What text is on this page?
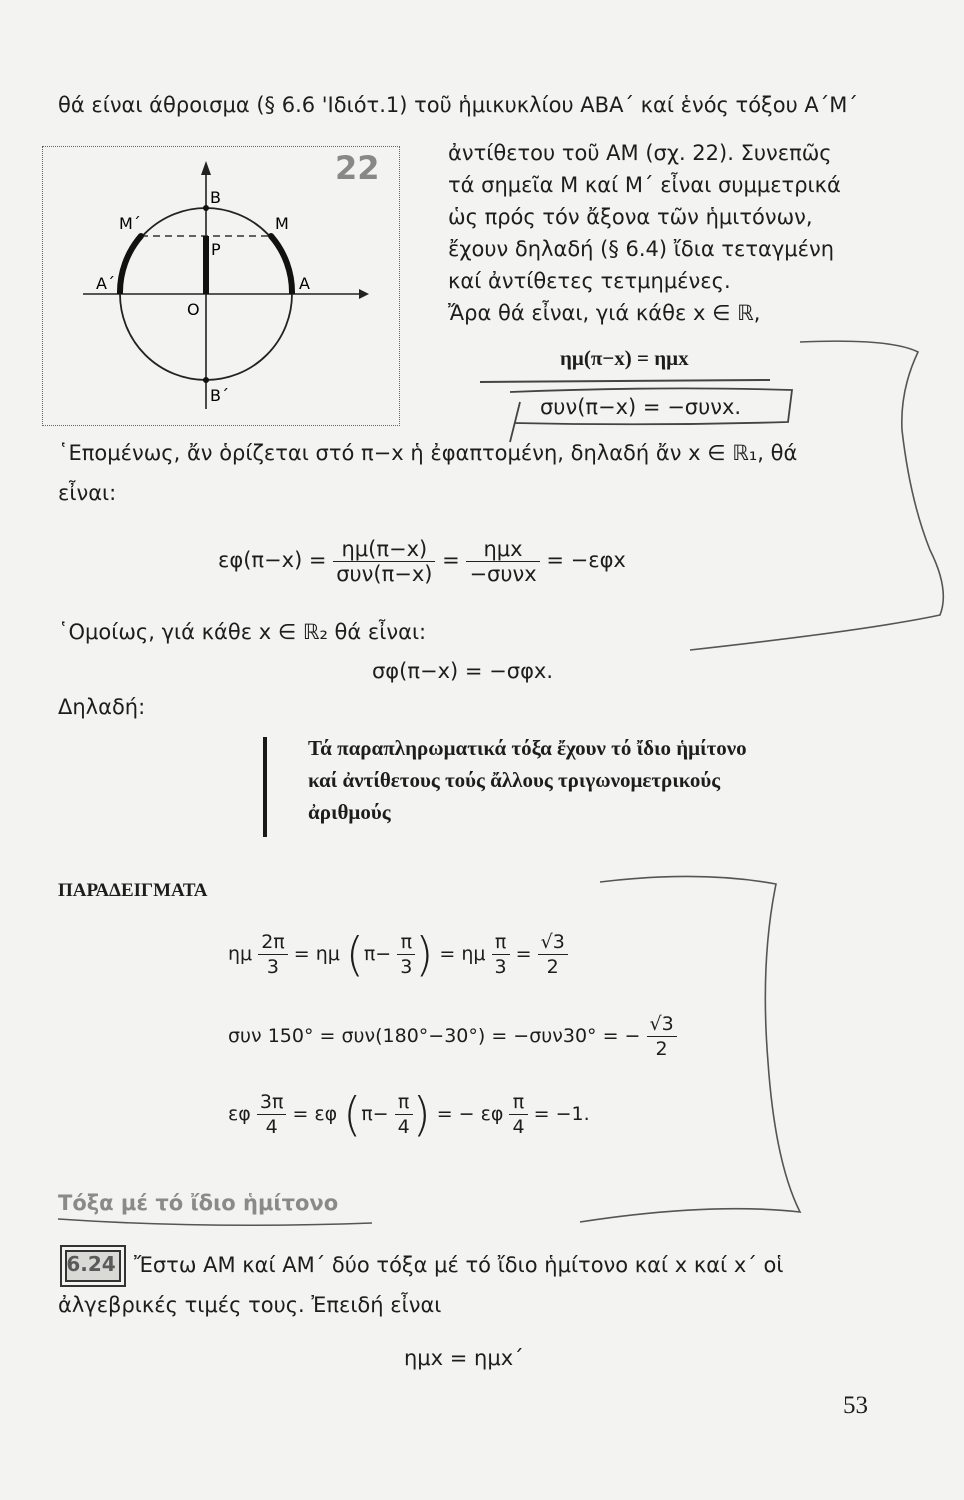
θά είναι άθροισμα (§ 6.6 'Ιδιότ.1) τοῦ ἡμικυκλίου ΑΒΑ΄ καί ἑνός τόξου Α΄Μ΄
B
B΄
M
M΄
A
A΄
P
O
22	ἀντίθετου τοῦ ΑΜ (σχ. 22). Συνεπῶς
τά σημεῖα Μ καί Μ΄ εἶναι συμμετρικά
ὡς πρός τόν ἄξονα τῶν ἡμιτόνων,
ἔχουν δηλαδή (§ 6.4) ἴδια τεταγμένη
καί ἀντίθετες τετμημένες.
Ἄρα θά εἶναι, γιά κάθε x ∈ ℝ,
ημ(π−x) = ημx
συν(π−x) = −συνx.
῾Επομένως, ἄν ὁρίζεται στό π−x ἡ ἐφαπτομένη, δηλαδή ἄν x ∈ ℝ₁, θά
εἶναι:
$\varepsilon\varphi(\pi-x) = \frac{\eta\mu(\pi-x)}{\text{συν(π−x)}} = \frac{\text{ημx}}{\text{−συνx}} = -\varepsilon\varphi x$
῾Ομοίως, γιά κάθε x ∈ ℝ₂ θά εἶναι:
σφ(π−x) = −σφx.
Δηλαδή:
Τά παραπληρωματικά τόξα ἔχουν τό ἴδιο ἡμίτονο
καί ἀντίθετους τούς ἄλλους τριγωνομετρικούς
ἀριθμούς
ΠΑΡΑΔΕΙΓΜΑΤΑ
ημ $\frac{2\pi}{3} = \eta\mu$ ($\pi- \frac{\pi}{3}$ ) = ημ $\frac{\pi}{3} = \frac{√3}{2}$
συν 150° = συν(180°−30°) = −συν30° = − $\frac{√3}{2}$
εφ $\frac{3\pi}{4} = \varepsilon\varphi$ ($\pi- \frac{\pi}{4}$ ) = − εφ $\frac{\pi}{4} = -1$.
Τόξα μέ τό ἴδιο ἡμίτονο
6.24 Ἔστω ΑΜ καί ΑΜ΄ δύο τόξα μέ τό ἴδιο ἡμίτονο καί x καί x΄ οἱ
ἀλγεβρικές τιμές τους. Ἐπειδή εἶναι
ημx = ημx΄
53
